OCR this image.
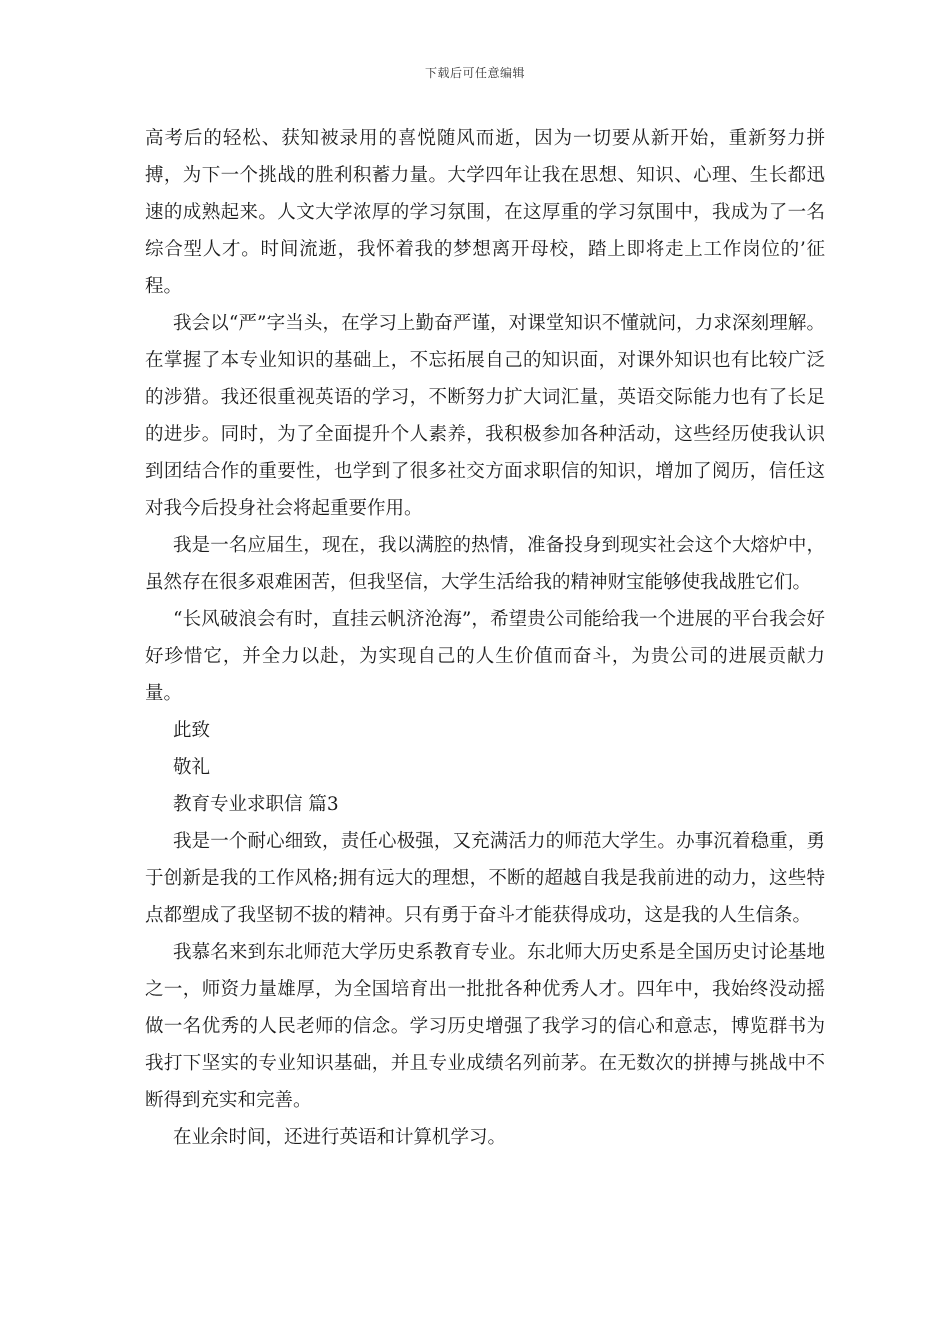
下载后可任意编辑

高考后的轻松、获知被录用的喜悦随风而逝，因为一切要从新开始，重新努力拼搏，为下一个挑战的胜利积蓄力量。大学四年让我在思想、知识、心理、生长都迅速的成熟起来。人文大学浓厚的学习氛围，在这厚重的学习氛围中，我成为了一名综合型人才。时间流逝，我怀着我的梦想离开母校，踏上即将走上工作岗位的’征程。

我会以“严”字当头，在学习上勤奋严谨，对课堂知识不懂就问，力求深刻理解。在掌握了本专业知识的基础上，不忘拓展自己的知识面，对课外知识也有比较广泛的涉猎。我还很重视英语的学习，不断努力扩大词汇量，英语交际能力也有了长足的进步。同时，为了全面提升个人素养，我积极参加各种活动，这些经历使我认识到团结合作的重要性，也学到了很多社交方面求职信的知识，增加了阅历，信任这对我今后投身社会将起重要作用。

我是一名应届生，现在，我以满腔的热情，准备投身到现实社会这个大熔炉中，虽然存在很多艰难困苦，但我坚信，大学生活给我的精神财宝能够使我战胜它们。

“长风破浪会有时，直挂云帆济沧海”，希望贵公司能给我一个进展的平台我会好好珍惜它，并全力以赴，为实现自己的人生价值而奋斗，为贵公司的进展贡献力量。

此致
敬礼
教育专业求职信 篇3

我是一个耐心细致，责任心极强，又充满活力的师范大学生。办事沉着稳重，勇于创新是我的工作风格;拥有远大的理想，不断的超越自我是我前进的动力，这些特点都塑成了我坚韧不拔的精神。只有勇于奋斗才能获得成功，这是我的人生信条。

我慕名来到东北师范大学历史系教育专业。东北师大历史系是全国历史讨论基地之一，师资力量雄厚，为全国培育出一批批各种优秀人才。四年中，我始终没动摇做一名优秀的人民老师的信念。学习历史增强了我学习的信心和意志，博览群书为我打下坚实的专业知识基础，并且专业成绩名列前茅。在无数次的拼搏与挑战中不断得到充实和完善。

在业余时间，还进行英语和计算机学习。
